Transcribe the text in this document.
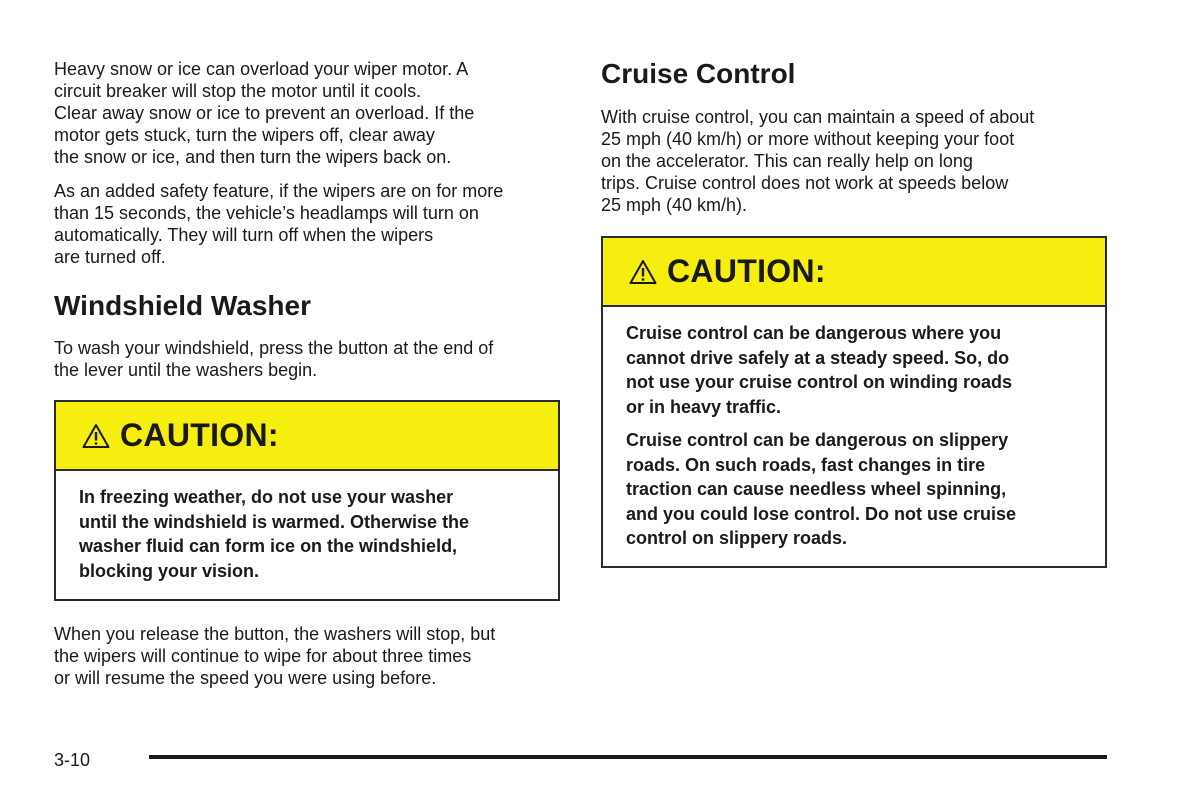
Heavy snow or ice can overload your wiper motor. A
circuit breaker will stop the motor until it cools.
Clear away snow or ice to prevent an overload. If the
motor gets stuck, turn the wipers off, clear away
the snow or ice, and then turn the wipers back on.

As an added safety feature, if the wipers are on for more
than 15 seconds, the vehicle’s headlamps will turn on
automatically. They will turn off when the wipers
are turned off.

Windshield Washer

To wash your windshield, press the button at the end of
the lever until the washers begin.

CAUTION:

In freezing weather, do not use your washer
until the windshield is warmed. Otherwise the
washer fluid can form ice on the windshield,
blocking your vision.

When you release the button, the washers will stop, but
the wipers will continue to wipe for about three times
or will resume the speed you were using before.

Cruise Control

With cruise control, you can maintain a speed of about
25 mph (40 km/h) or more without keeping your foot
on the accelerator. This can really help on long
trips. Cruise control does not work at speeds below
25 mph (40 km/h).

CAUTION:

Cruise control can be dangerous where you
cannot drive safely at a steady speed. So, do
not use your cruise control on winding roads
or in heavy traffic.

Cruise control can be dangerous on slippery
roads. On such roads, fast changes in tire
traction can cause needless wheel spinning,
and you could lose control. Do not use cruise
control on slippery roads.

3-10
